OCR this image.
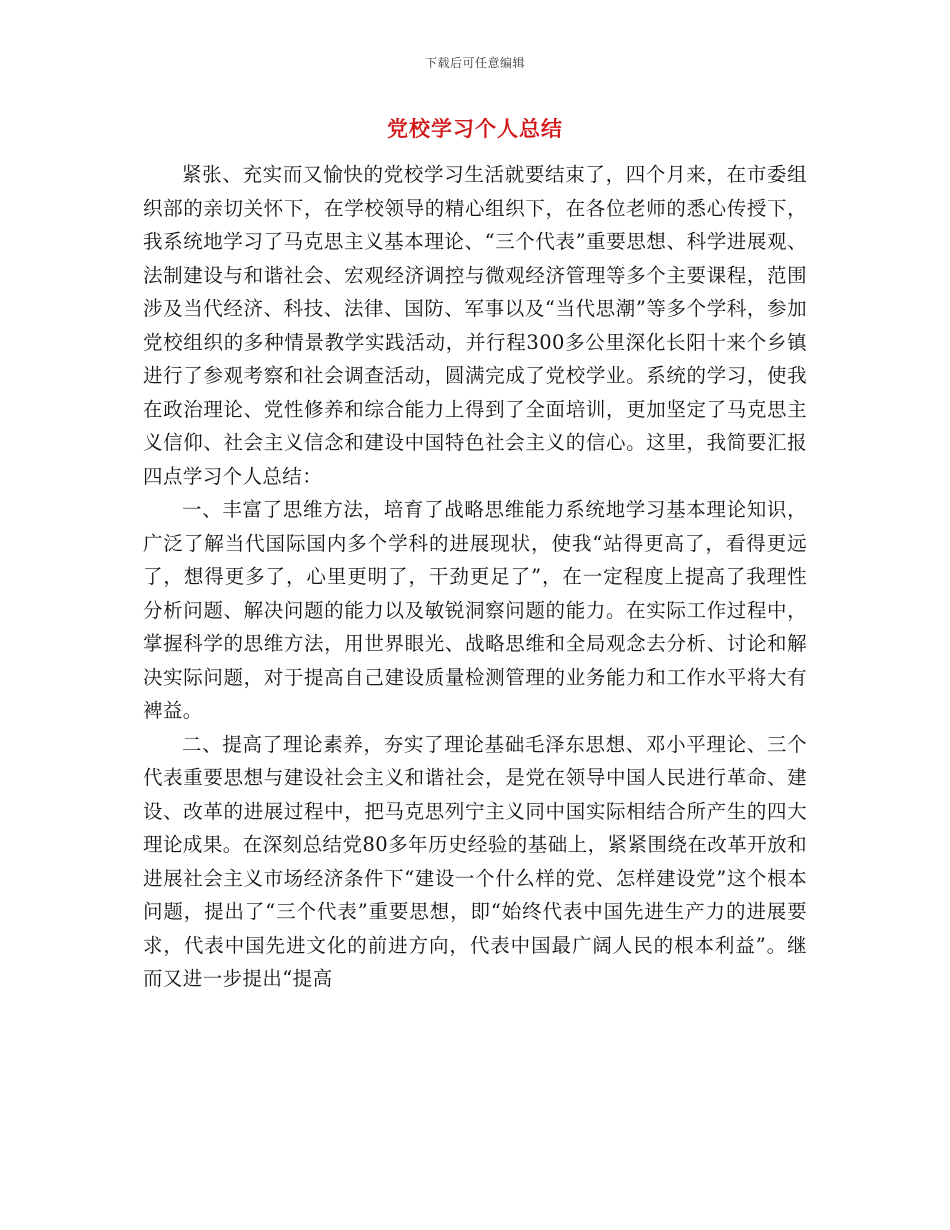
下载后可任意编辑
党校学习个人总结

紧张、充实而又愉快的党校学习生活就要结束了，四个月来，在市委组织部的亲切关怀下，在学校领导的精心组织下，在各位老师的悉心传授下，我系统地学习了马克思主义基本理论、“三个代表”重要思想、科学进展观、法制建设与和谐社会、宏观经济调控与微观经济管理等多个主要课程，范围涉及当代经济、科技、法律、国防、军事以及“当代思潮”等多个学科，参加党校组织的多种情景教学实践活动，并行程300多公里深化长阳十来个乡镇进行了参观考察和社会调查活动，圆满完成了党校学业。系统的学习，使我在政治理论、党性修养和综合能力上得到了全面培训，更加坚定了马克思主义信仰、社会主义信念和建设中国特色社会主义的信心。这里，我简要汇报四点学习个人总结：

一、丰富了思维方法，培育了战略思维能力系统地学习基本理论知识，广泛了解当代国际国内多个学科的进展现状，使我“站得更高了，看得更远了，想得更多了，心里更明了，干劲更足了”，在一定程度上提高了我理性分析问题、解决问题的能力以及敏锐洞察问题的能力。在实际工作过程中，掌握科学的思维方法，用世界眼光、战略思维和全局观念去分析、讨论和解决实际问题，对于提高自己建设质量检测管理的业务能力和工作水平将大有裨益。

二、提高了理论素养，夯实了理论基础毛泽东思想、邓小平理论、三个代表重要思想与建设社会主义和谐社会，是党在领导中国人民进行革命、建设、改革的进展过程中，把马克思列宁主义同中国实际相结合所产生的四大理论成果。在深刻总结党80多年历史经验的基础上，紧紧围绕在改革开放和进展社会主义市场经济条件下“建设一个什么样的党、怎样建设党”这个根本问题，提出了“三个代表”重要思想，即“始终代表中国先进生产力的进展要求，代表中国先进文化的前进方向，代表中国最广阔人民的根本利益”。继而又进一步提出“提高
